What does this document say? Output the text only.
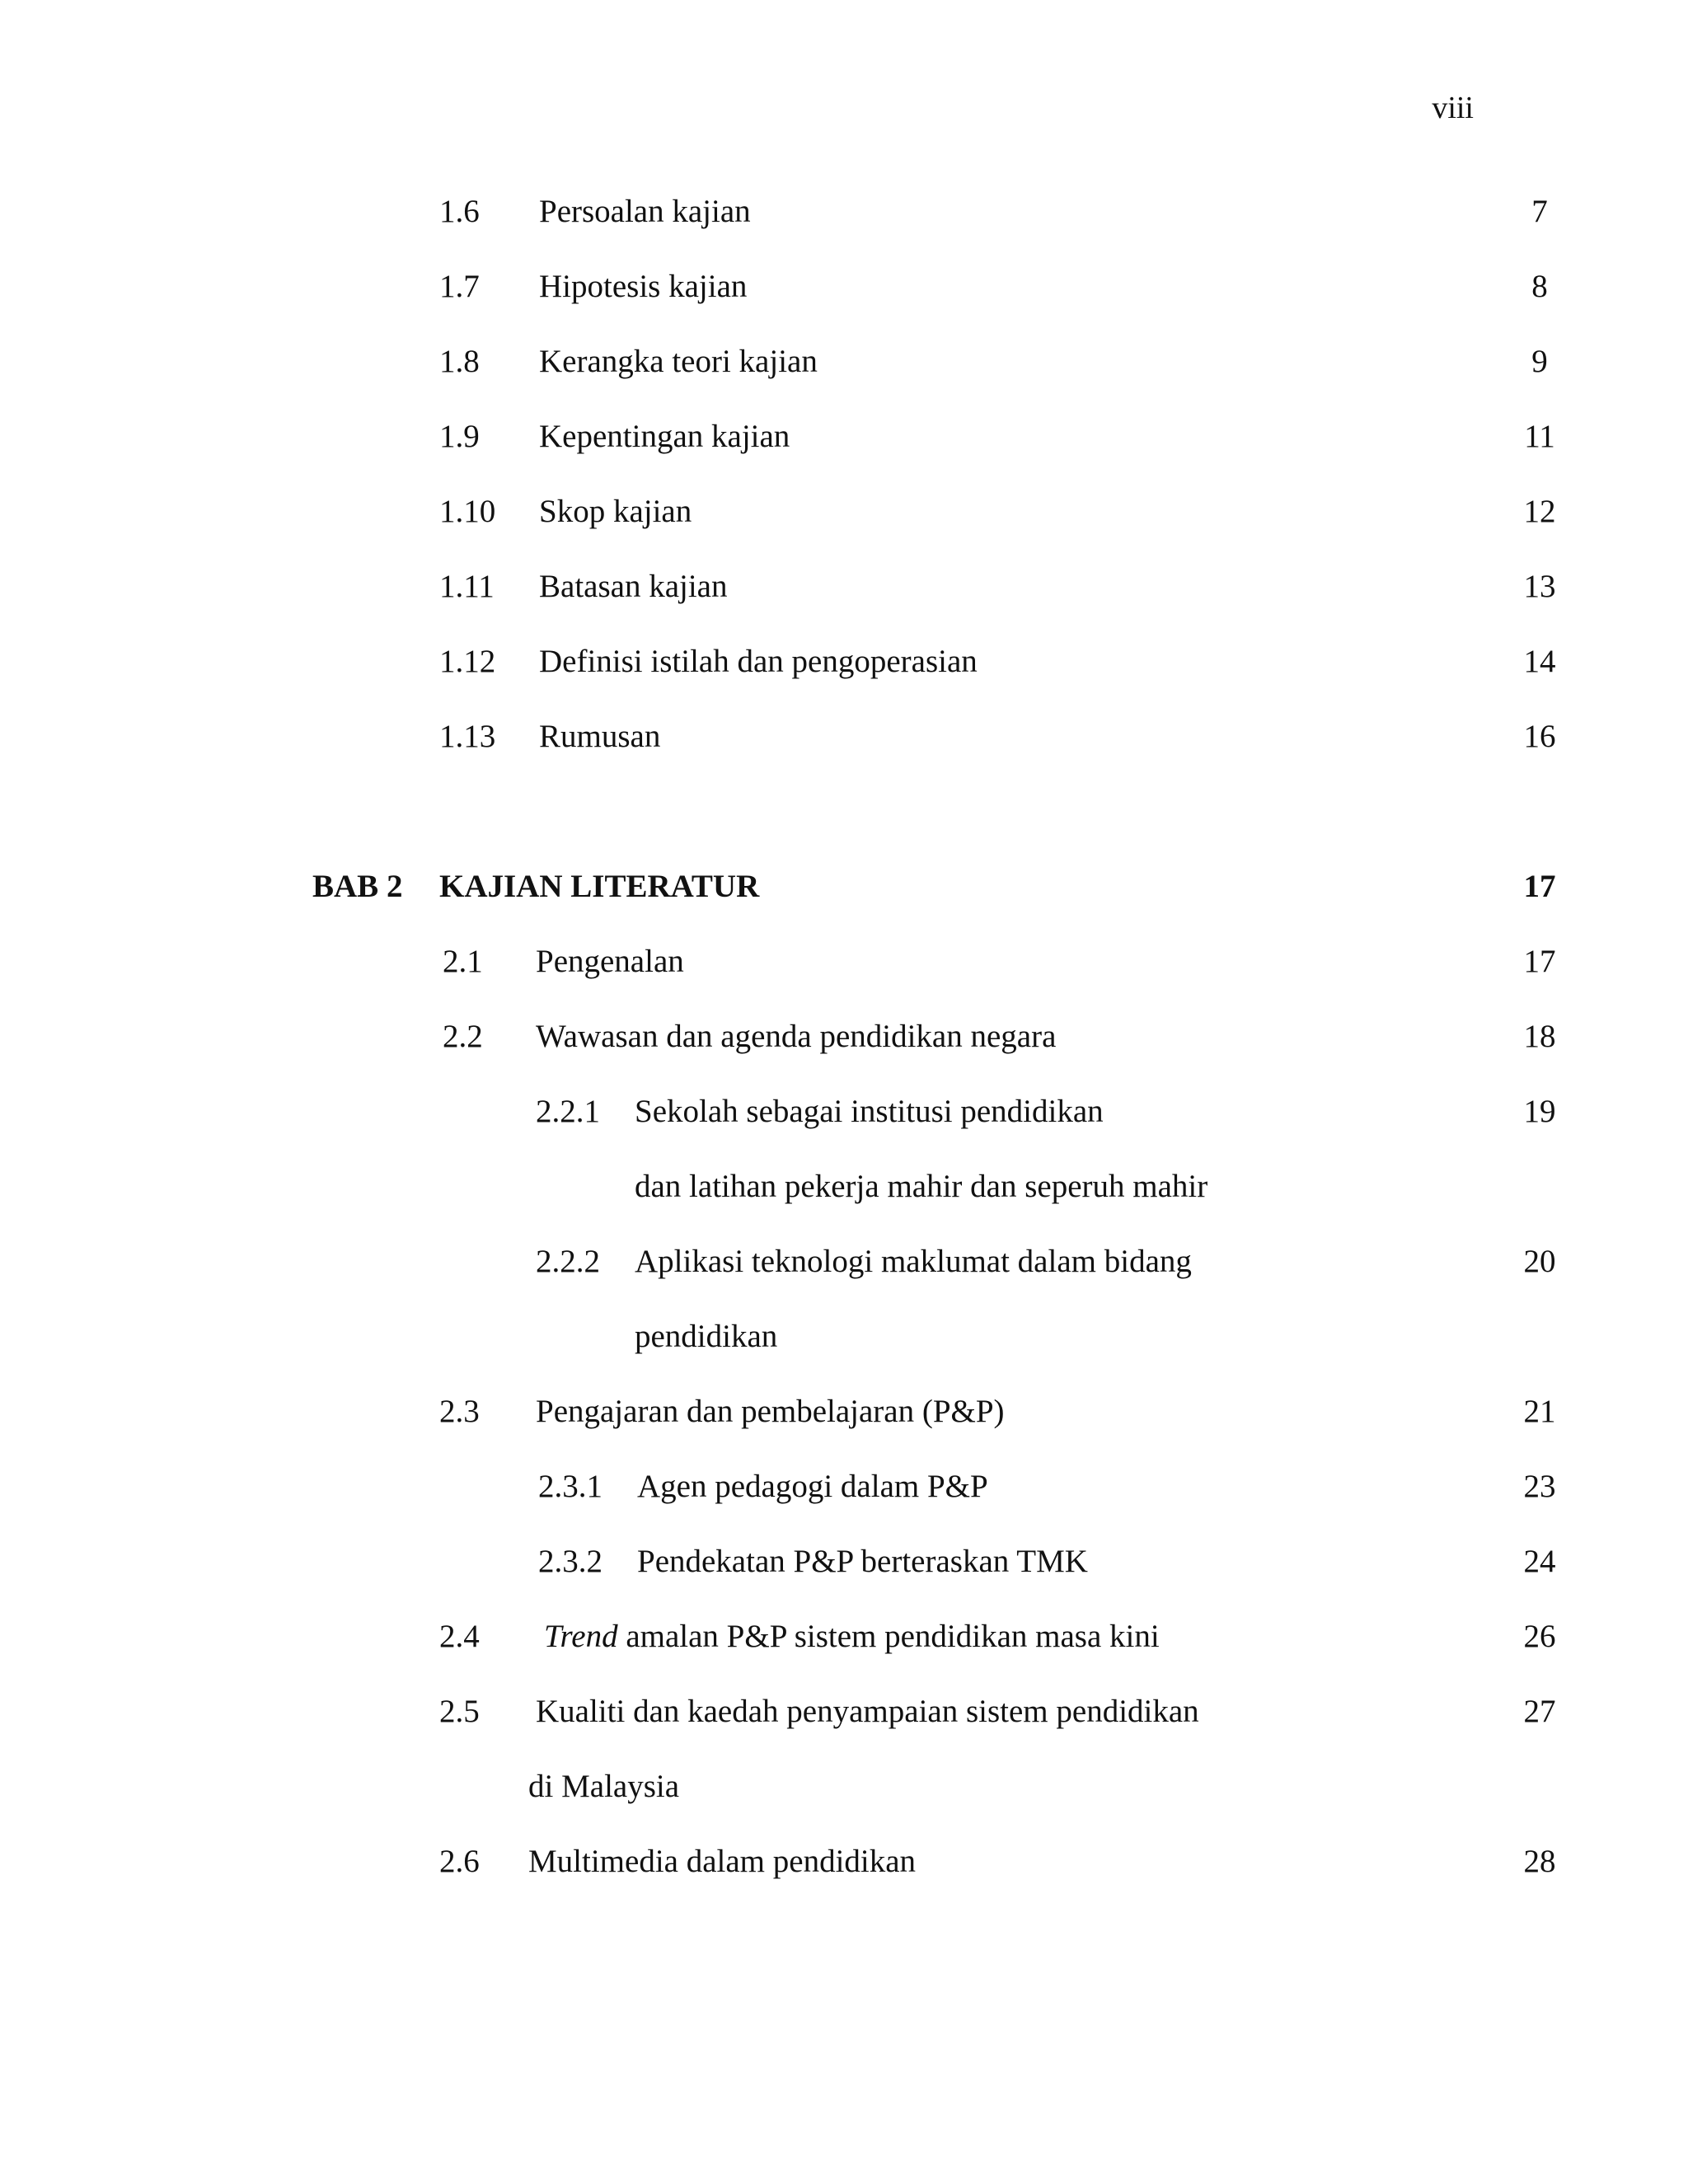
viii
1.6 Persoalan kajian	7
1.7 Hipotesis kajian	8
1.8 Kerangka teori kajian	9
1.9 Kepentingan kajian	11
1.10 Skop kajian	12
1.11 Batasan kajian	13
1.12 Definisi istilah dan pengoperasian	14
1.13 Rumusan	16
BAB 2 KAJIAN LITERATUR	17
2.1 Pengenalan	17
2.2 Wawasan dan agenda pendidikan negara	18
2.2.1 Sekolah sebagai institusi pendidikan	19
dan latihan pekerja mahir dan seperuh mahir
2.2.2 Aplikasi teknologi maklumat dalam bidang	20
pendidikan
2.3 Pengajaran dan pembelajaran (P&P)	21
2.3.1 Agen pedagogi dalam P&P	23
2.3.2 Pendekatan P&P berteraskan TMK	24
2.4 Trend amalan P&P sistem pendidikan masa kini	26
2.5 Kualiti dan kaedah penyampaian sistem pendidikan	27
di Malaysia
2.6 Multimedia dalam pendidikan	28
